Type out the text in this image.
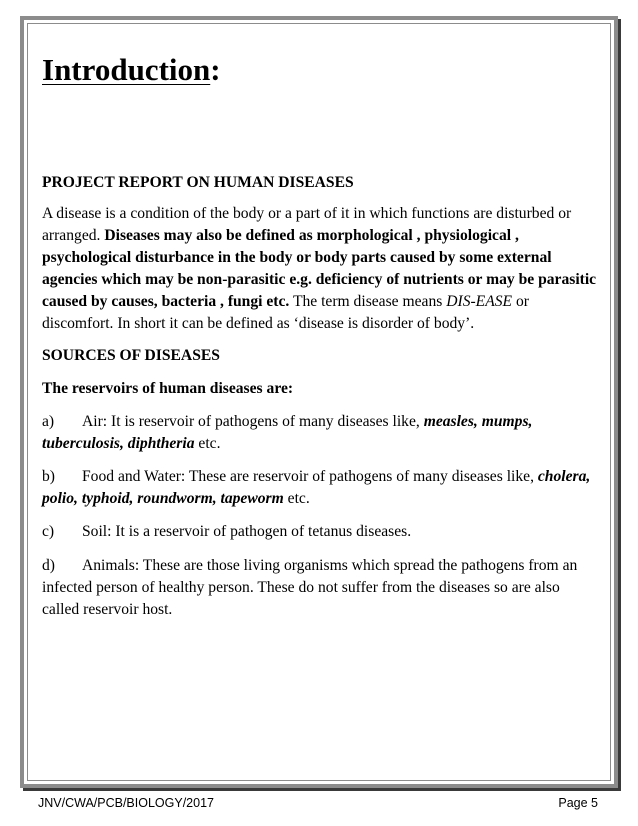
Introduction:

PROJECT REPORT ON HUMAN DISEASES

A disease is a condition of the body or a part of it in which functions are disturbed or arranged. Diseases may also be defined as morphological , physiological , psychological disturbance in the body or body parts caused by some external agencies which may be non-parasitic e.g. deficiency of nutrients or may be parasitic caused by causes, bacteria , fungi etc. The term disease means DIS-EASE or discomfort. In short it can be defined as ‘disease is disorder of body’.

SOURCES OF DISEASES

The reservoirs of human diseases are:

a) Air: It is reservoir of pathogens of many diseases like, measles, mumps, tuberculosis, diphtheria etc.

b) Food and Water: These are reservoir of pathogens of many diseases like, cholera, polio, typhoid, roundworm, tapeworm etc.

c) Soil: It is a reservoir of pathogen of tetanus diseases.

d) Animals: These are those living organisms which spread the pathogens from an infected person of healthy person. These do not suffer from the diseases so are also called reservoir host.

JNV/CWA/PCB/BIOLOGY/2017	Page 5
